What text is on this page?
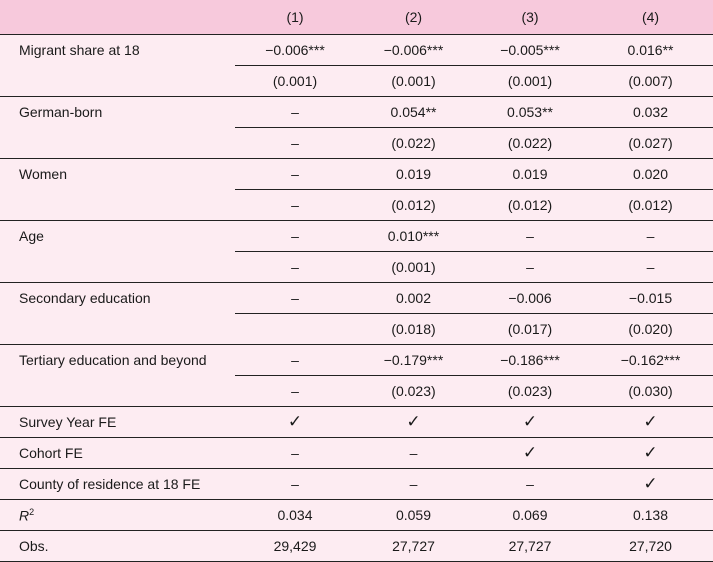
	(1)	(2)	(3)	(4)
Migrant share at 18	−0.006***	−0.006***	−0.005***	0.016**
	(0.001)	(0.001)	(0.001)	(0.007)
German-born	–	0.054**	0.053**	0.032
	–	(0.022)	(0.022)	(0.027)
Women	–	0.019	0.019	0.020
	–	(0.012)	(0.012)	(0.012)
Age	–	0.010***	–	–
	–	(0.001)	–	–
Secondary education	–	0.002	−0.006	−0.015
		(0.018)	(0.017)	(0.020)
Tertiary education and beyond	–	−0.179***	−0.186***	−0.162***
	–	(0.023)	(0.023)	(0.030)
Survey Year FE	✓	✓	✓	✓
Cohort FE	–	–	✓	✓
County of residence at 18 FE	–	–	–	✓
$R^2$	0.034	0.059	0.069	0.138
Obs.	29,429	27,727	27,727	27,720
